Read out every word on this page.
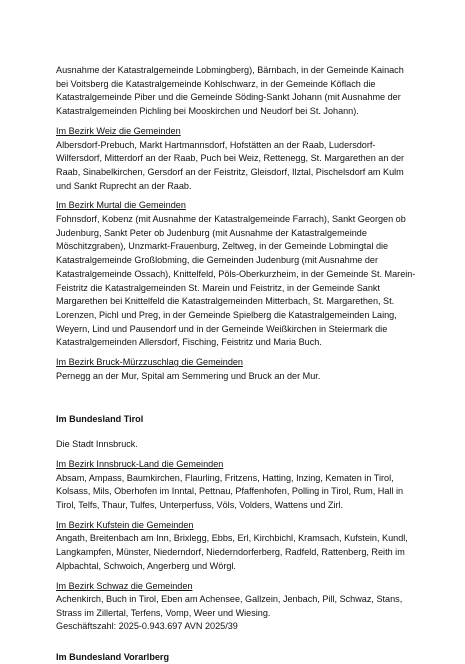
Ausnahme der Katastralgemeinde Lobmingberg), Bärnbach, in der Gemeinde Kainach bei Voitsberg die Katastralgemeinde Kohlschwarz, in der Gemeinde Köflach die Katastralgemeinde Piber und die Gemeinde Söding-Sankt Johann (mit Ausnahme der Katastralgemeinden Pichling bei Mooskirchen und Neudorf bei St. Johann).

Im Bezirk Weiz die Gemeinden

Albersdorf-Prebuch, Markt Hartmannsdorf, Hofstätten an der Raab, Ludersdorf-Wilfersdorf, Mitterdorf an der Raab, Puch bei Weiz, Rettenegg, St. Margarethen an der Raab, Sinabelkirchen, Gersdorf an der Feistritz, Gleisdorf, Ilztal, Pischelsdorf am Kulm und Sankt Ruprecht an der Raab.

Im Bezirk Murtal die Gemeinden

Fohnsdorf, Kobenz (mit Ausnahme der Katastralgemeinde Farrach), Sankt Georgen ob Judenburg, Sankt Peter ob Judenburg (mit Ausnahme der Katastralgemeinde Möschitzgraben), Unzmarkt-Frauenburg, Zeltweg, in der Gemeinde Lobmingtal die Katastralgemeinde Großlobming, die Gemeinden Judenburg (mit Ausnahme der Katastralgemeinde Ossach), Knittelfeld, Pöls-Oberkurzheim, in der Gemeinde St. Marein-Feistritz die Katastralgemeinden St. Marein und Feistritz, in der Gemeinde Sankt Margarethen bei Knittelfeld die Katastralgemeinden Mitterbach, St. Margarethen, St. Lorenzen, Pichl und Preg, in der Gemeinde Spielberg die Katastralgemeinden Laing, Weyern, Lind und Pausendorf und in der Gemeinde Weißkirchen in Steiermark die Katastralgemeinden Allersdorf, Fisching, Feistritz und Maria Buch.

Im Bezirk Bruck-Mürzzuschlag die Gemeinden

Pernegg an der Mur, Spital am Semmering und Bruck an der Mur.

Im Bundesland Tirol

Die Stadt Innsbruck.

Im Bezirk Innsbruck-Land die Gemeinden

Absam, Ampass, Baumkirchen, Flaurling, Fritzens, Hatting, Inzing, Kematen in Tirol, Kolsass, Mils, Oberhofen im Inntal, Pettnau, Pfaffenhofen, Polling in Tirol, Rum, Hall in Tirol, Telfs, Thaur, Tulfes, Unterperfuss, Völs, Volders, Wattens und Zirl.

Im Bezirk Kufstein die Gemeinden

Angath, Breitenbach am Inn, Brixlegg, Ebbs, Erl, Kirchbichl, Kramsach, Kufstein, Kundl, Langkampfen, Münster, Niederndorf, Niederndorferberg, Radfeld, Rattenberg, Reith im Alpbachtal, Schwoich, Angerberg und Wörgl.

Im Bezirk Schwaz die Gemeinden

Achenkirch, Buch in Tirol, Eben am Achensee, Gallzein, Jenbach, Pill, Schwaz, Stans, Strass im Zillertal, Terfens, Vomp, Weer und Wiesing.

Im Bundesland Vorarlberg

Geschäftszahl: 2025-0.943.697 AVN 2025/39
